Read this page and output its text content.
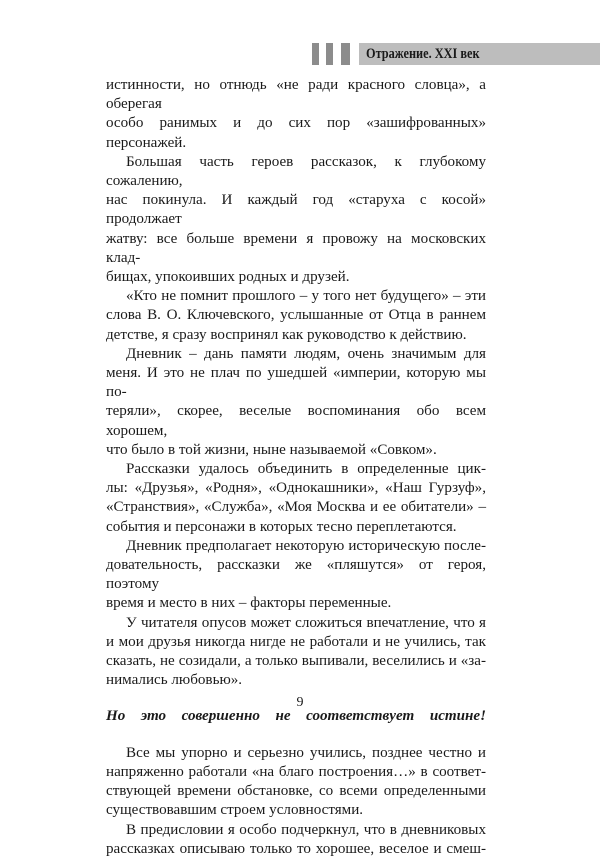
Отражение. XXI век

истинности, но отнюдь «не ради красного словца», а оберегая

особо ранимых и до сих пор «зашифрованных» персонажей.

Большая часть героев рассказок, к глубокому сожалению,

нас покинула. И каждый год «старуха с косой» продолжает

жатву: все больше времени я провожу на московских клад-

бищах, упокоивших родных и друзей.

«Кто не помнит прошлого – у того нет будущего» – эти

слова В. О. Ключевского, услышанные от Отца в раннем

детстве, я сразу воспринял как руководство к действию.

Дневник – дань памяти людям, очень значимым для

меня. И это не плач по ушедшей «империи, которую мы по-

теряли», скорее, веселые воспоминания обо всем хорошем,

что было в той жизни, ныне называемой «Совком».

Рассказки удалось объединить в определенные цик-

лы: «Друзья», «Родня», «Однокашники», «Наш Гурзуф»,

«Странствия», «Служба», «Моя Москва и ее обитатели» –

события и персонажи в которых тесно переплетаются.

Дневник предполагает некоторую историческую после-

довательность, рассказки же «пляшутся» от героя, поэтому

время и место в них – факторы переменные.

У читателя опусов может сложиться впечатление, что я

и мои друзья никогда нигде не работали и не учились, так

сказать, не созидали, а только выпивали, веселились и «за-

нимались любовью».

Но это совершенно не соответствует истине!

Все мы упорно и серьезно учились, позднее честно и

напряженно работали «на благо построения…» в соответ-

ствующей времени обстановке, со всеми определенными

существовавшим строем условностями.

В предисловии я особо подчеркнул, что в дневниковых

рассказках описываю только то хорошее, веселое и смеш-

9
